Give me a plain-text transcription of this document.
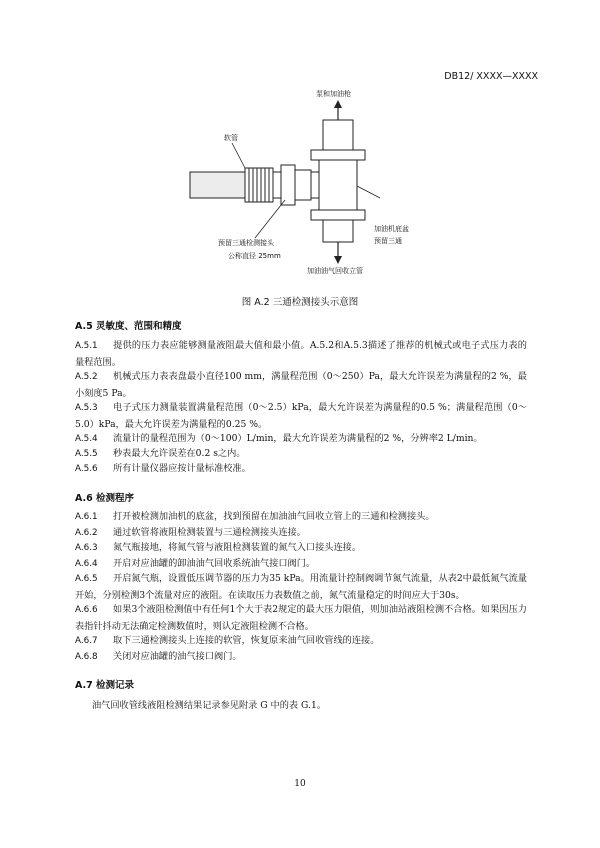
DB12/ XXXX—XXXX
泵和加油枪
软管
预留三通检测接头
公称直径 25mm
加油机底盆
预留三通
加油油气回收立管
图 A.2 三通检测接头示意图
A.5 灵敏度、范围和精度
A.5.1 提供的压力表应能够测量液阻最大值和最小值。A.5.2和A.5.3描述了推荐的机械式或电子式压力表的量程范围。
A.5.2 机械式压力表表盘最小直径100 mm，满量程范围（0～250）Pa，最大允许误差为满量程的2 %，最小刻度5 Pa。
A.5.3 电子式压力测量装置满量程范围（0～2.5）kPa，最大允许误差为满量程的0.5 %；满量程范围（0～5.0）kPa，最大允许误差为满量程的0.25 %。
A.5.4 流量计的量程范围为（0～100）L/min，最大允许误差为满量程的2 %，分辨率2 L/min。
A.5.5 秒表最大允许误差在0.2 s之内。
A.5.6 所有计量仪器应按计量标准校准。
A.6 检测程序
A.6.1 打开被检测加油机的底盆，找到预留在加油油气回收立管上的三通和检测接头。
A.6.2 通过软管将液阻检测装置与三通检测接头连接。
A.6.3 氮气瓶接地，将氮气管与液阻检测装置的氮气入口接头连接。
A.6.4 开启对应油罐的卸油油气回收系统油气接口阀门。
A.6.5 开启氮气瓶，设置低压调节器的压力为35 kPa。用流量计控制阀调节氮气流量，从表2中最低氮气流量开始，分别检测3个流量对应的液阻。在读取压力表数值之前，氮气流量稳定的时间应大于30s。
A.6.6 如果3个液阻检测值中有任何1个大于表2规定的最大压力限值，则加油站液阻检测不合格。如果因压力表指针抖动无法确定检测数值时，则认定液阻检测不合格。
A.6.7 取下三通检测接头上连接的软管，恢复原来油气回收管线的连接。
A.6.8 关闭对应油罐的油气接口阀门。
A.7 检测记录
油气回收管线液阻检测结果记录参见附录 G 中的表 G.1。
10
